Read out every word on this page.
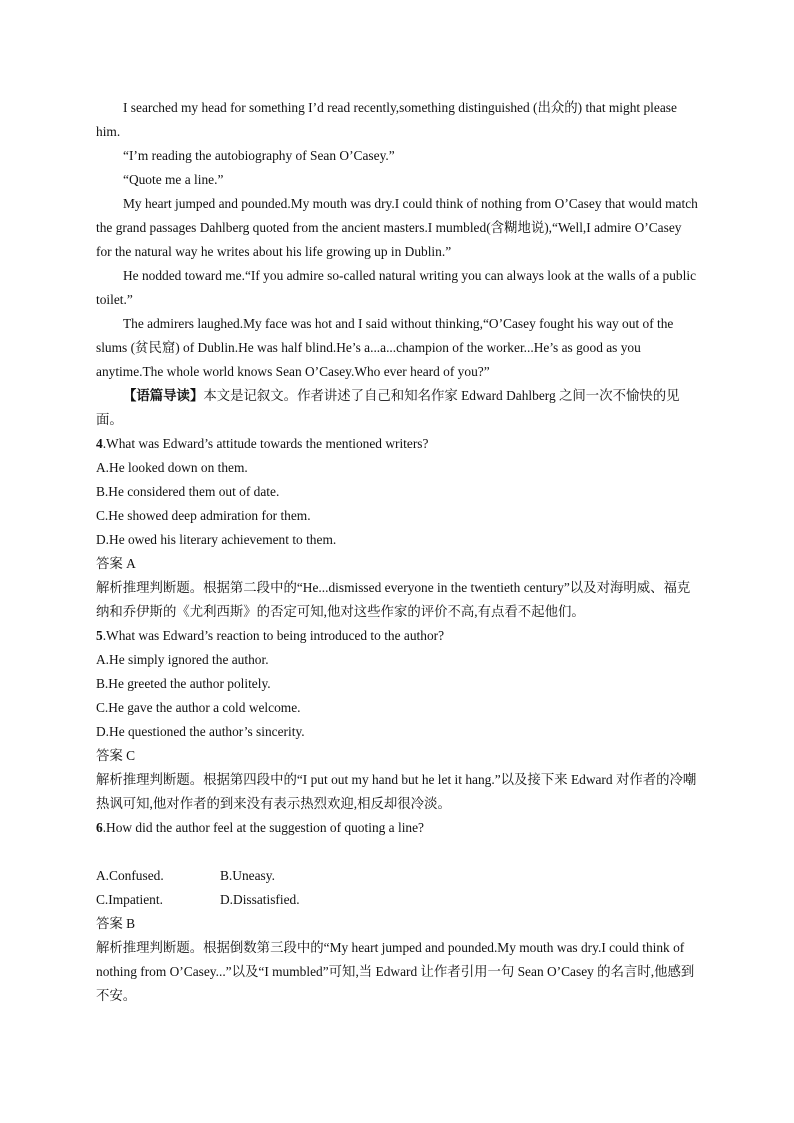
I searched my head for something I’d read recently,something distinguished (出众的) that might please him.

“I’m reading the autobiography of Sean O’Casey.”

“Quote me a line.”

My heart jumped and pounded.My mouth was dry.I could think of nothing from O’Casey that would match the grand passages Dahlberg quoted from the ancient masters.I mumbled(含糊地说),“Well,I admire O’Casey for the natural way he writes about his life growing up in Dublin.”

He nodded toward me.“If you admire so-called natural writing you can always look at the walls of a public toilet.”

The admirers laughed.My face was hot and I said without thinking,“O’Casey fought his way out of the slums (贫民窟) of Dublin.He was half blind.He’s a...a...champion of the worker...He’s as good as you anytime.The whole world knows Sean O’Casey.Who ever heard of you?”

【语篇导读】本文是记叙文。作者讲述了自己和知名作家 Edward Dahlberg 之间一次不愉快的见面。

4.What was Edward’s attitude towards the mentioned writers?

A.He looked down on them.

B.He considered them out of date.

C.He showed deep admiration for them.

D.He owed his literary achievement to them.

答案 A

解析推理判断题。根据第二段中的“He...dismissed everyone in the twentieth century”以及对海明威、福克纳和乔伊斯的《尤利西斯》的否定可知,他对这些作家的评价不高,有点看不起他们。

5.What was Edward’s reaction to being introduced to the author?

A.He simply ignored the author.

B.He greeted the author politely.

C.He gave the author a cold welcome.

D.He questioned the author’s sincerity.

答案 C

解析推理判断题。根据第四段中的“I put out my hand but he let it hang.”以及接下来 Edward 对作者的冷嘲热讽可知,他对作者的到来没有表示热烈欢迎,相反却很冷淡。

6.How did the author feel at the suggestion of quoting a line?

A.Confused.	B.Uneasy.
C.Impatient.	D.Dissatisfied.

答案 B

解析推理判断题。根据倒数第三段中的“My heart jumped and pounded.My mouth was dry.I could think of nothing from O’Casey...”以及“I mumbled”可知,当 Edward 让作者引用一句 Sean O’Casey 的名言时,他感到不安。
